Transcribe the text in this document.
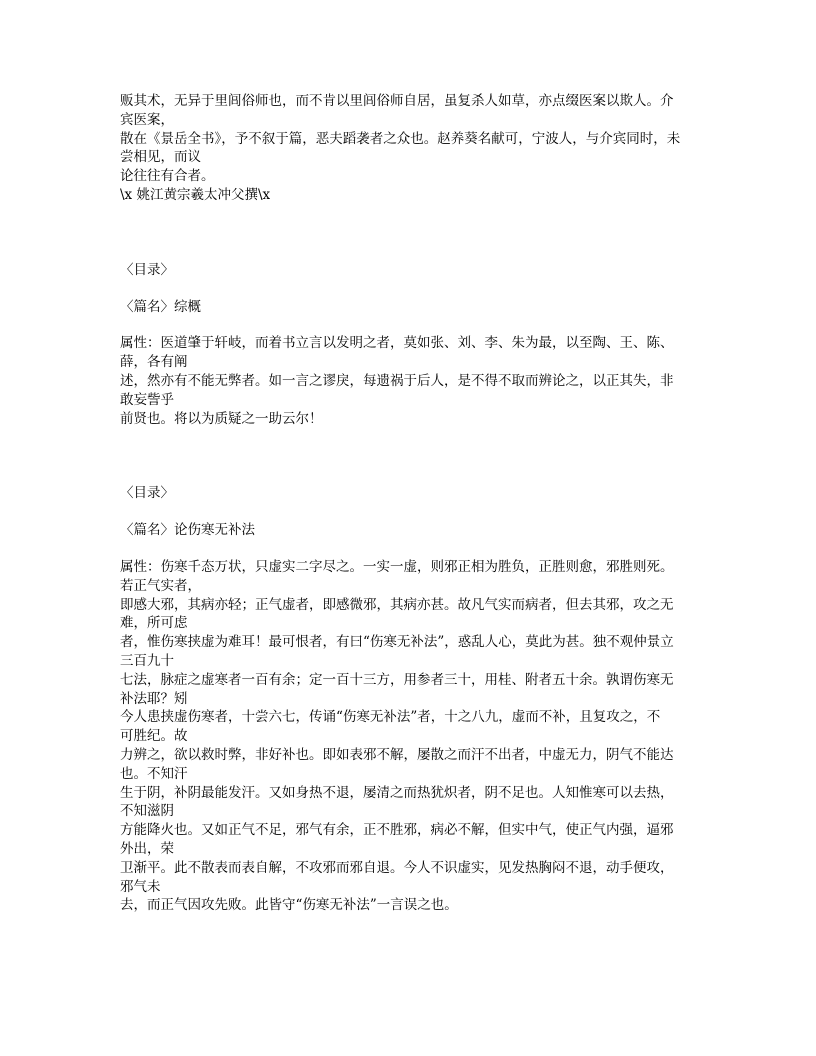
贩其术，无异于里闾俗师也，而不肯以里闾俗师自居，虽复杀人如草，亦点缀医案以欺人。介

宾医案，

散在《景岳全书》，予不叙于篇，恶夫蹈袭者之众也。赵养葵名献可，宁波人，与介宾同时，未

尝相见，而议

论往往有合者。

\x 姚江黄宗羲太冲父撰\x

〈目录〉

〈篇名〉综概

属性：医道肇于轩岐，而着书立言以发明之者，莫如张、刘、李、朱为最，以至陶、王、陈、

薛，各有阐

述，然亦有不能无弊者。如一言之谬戾，每遗祸于后人，是不得不取而辨论之，以正其失，非

敢妄訾乎

前贤也。将以为质疑之一助云尔！

〈目录〉

〈篇名〉论伤寒无补法

属性：伤寒千态万状，只虚实二字尽之。一实一虚，则邪正相为胜负，正胜则愈，邪胜则死。

若正气实者，

即感大邪，其病亦轻；正气虚者，即感微邪，其病亦甚。故凡气实而病者，但去其邪，攻之无

难，所可虑

者，惟伤寒挟虚为难耳！最可恨者，有曰“伤寒无补法”，惑乱人心，莫此为甚。独不观仲景立

三百九十

七法，脉症之虚寒者一百有余；定一百十三方，用参者三十，用桂、附者五十余。孰谓伤寒无

补法耶？矧

今人患挟虚伤寒者，十尝六七，传诵“伤寒无补法”者，十之八九，虚而不补，且复攻之，不

可胜纪。故

力辨之，欲以救时弊，非好补也。即如表邪不解，屡散之而汗不出者，中虚无力，阴气不能达

也。不知汗

生于阴，补阴最能发汗。又如身热不退，屡清之而热犹炽者，阴不足也。人知惟寒可以去热，

不知滋阴

方能降火也。又如正气不足，邪气有余，正不胜邪，病必不解，但实中气，使正气内强，逼邪

外出，荣

卫渐平。此不散表而表自解，不攻邪而邪自退。今人不识虚实，见发热胸闷不退，动手便攻，

邪气未

去，而正气因攻先败。此皆守“伤寒无补法”一言误之也。
